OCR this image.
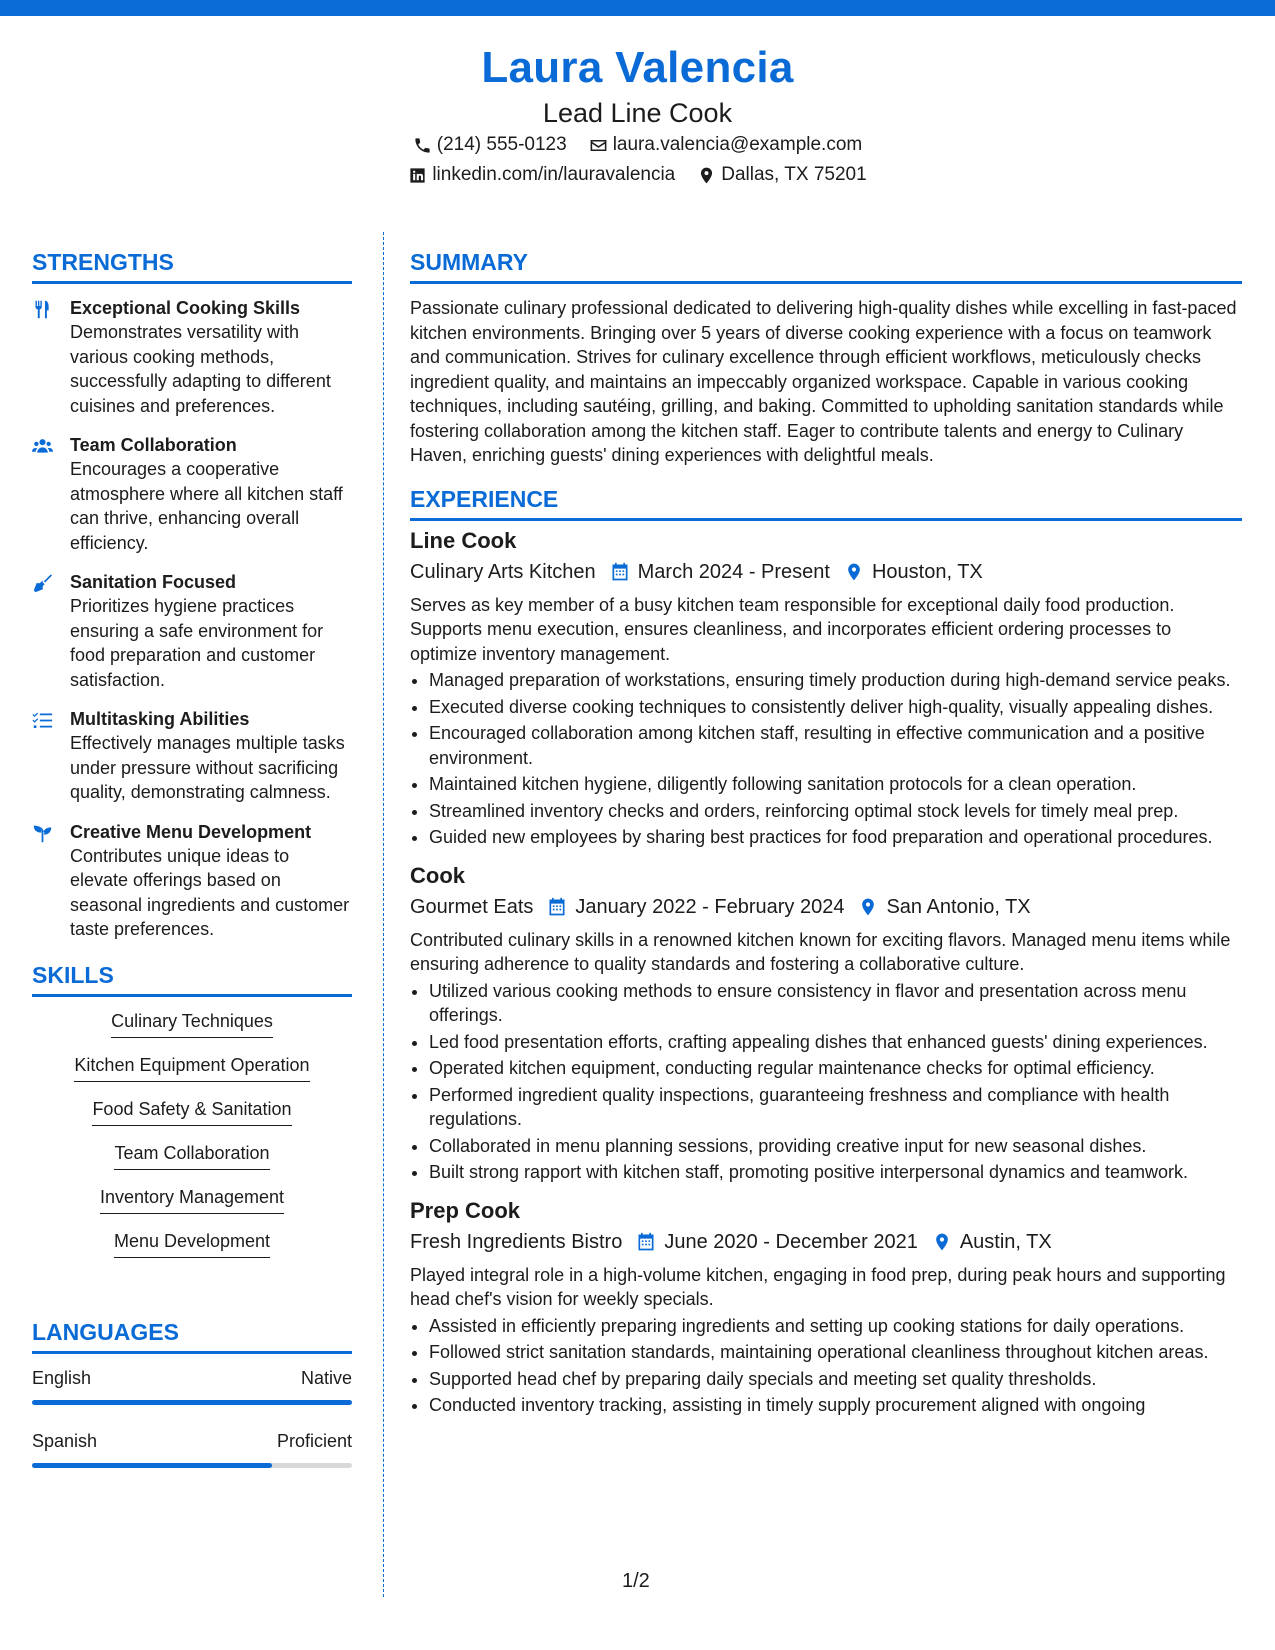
Laura Valencia
Lead Line Cook
(214) 555-0123 laura.valencia@example.com
linkedin.com/in/lauravalencia Dallas, TX 75201
STRENGTHS
Exceptional Cooking Skills
Demonstrates versatility with various cooking methods, successfully adapting to different cuisines and preferences.
Team Collaboration
Encourages a cooperative atmosphere where all kitchen staff can thrive, enhancing overall efficiency.
Sanitation Focused
Prioritizes hygiene practices ensuring a safe environment for food preparation and customer satisfaction.
Multitasking Abilities
Effectively manages multiple tasks under pressure without sacrificing quality, demonstrating calmness.
Creative Menu Development
Contributes unique ideas to elevate offerings based on seasonal ingredients and customer taste preferences.
SKILLS
Culinary Techniques
Kitchen Equipment Operation
Food Safety & Sanitation
Team Collaboration
Inventory Management
Menu Development
LANGUAGES
English	Native
Spanish	Proficient
SUMMARY
Passionate culinary professional dedicated to delivering high-quality dishes while excelling in fast-paced kitchen environments. Bringing over 5 years of diverse cooking experience with a focus on teamwork and communication. Strives for culinary excellence through efficient workflows, meticulously checks ingredient quality, and maintains an impeccably organized workspace. Capable in various cooking techniques, including sautéing, grilling, and baking. Committed to upholding sanitation standards while fostering collaboration among the kitchen staff. Eager to contribute talents and energy to Culinary Haven, enriching guests' dining experiences with delightful meals.
EXPERIENCE
Line Cook
Culinary Arts Kitchen March 2024 - Present Houston, TX
Serves as key member of a busy kitchen team responsible for exceptional daily food production. Supports menu execution, ensures cleanliness, and incorporates efficient ordering processes to optimize inventory management.
• Managed preparation of workstations, ensuring timely production during high-demand service peaks.
• Executed diverse cooking techniques to consistently deliver high-quality, visually appealing dishes.
• Encouraged collaboration among kitchen staff, resulting in effective communication and a positive environment.
• Maintained kitchen hygiene, diligently following sanitation protocols for a clean operation.
• Streamlined inventory checks and orders, reinforcing optimal stock levels for timely meal prep.
• Guided new employees by sharing best practices for food preparation and operational procedures.
Cook
Gourmet Eats January 2022 - February 2024 San Antonio, TX
Contributed culinary skills in a renowned kitchen known for exciting flavors. Managed menu items while ensuring adherence to quality standards and fostering a collaborative culture.
• Utilized various cooking methods to ensure consistency in flavor and presentation across menu offerings.
• Led food presentation efforts, crafting appealing dishes that enhanced guests' dining experiences.
• Operated kitchen equipment, conducting regular maintenance checks for optimal efficiency.
• Performed ingredient quality inspections, guaranteeing freshness and compliance with health regulations.
• Collaborated in menu planning sessions, providing creative input for new seasonal dishes.
• Built strong rapport with kitchen staff, promoting positive interpersonal dynamics and teamwork.
Prep Cook
Fresh Ingredients Bistro June 2020 - December 2021 Austin, TX
Played integral role in a high-volume kitchen, engaging in food prep, during peak hours and supporting head chef's vision for weekly specials.
• Assisted in efficiently preparing ingredients and setting up cooking stations for daily operations.
• Followed strict sanitation standards, maintaining operational cleanliness throughout kitchen areas.
• Supported head chef by preparing daily specials and meeting set quality thresholds.
• Conducted inventory tracking, assisting in timely supply procurement aligned with ongoing
1/2
